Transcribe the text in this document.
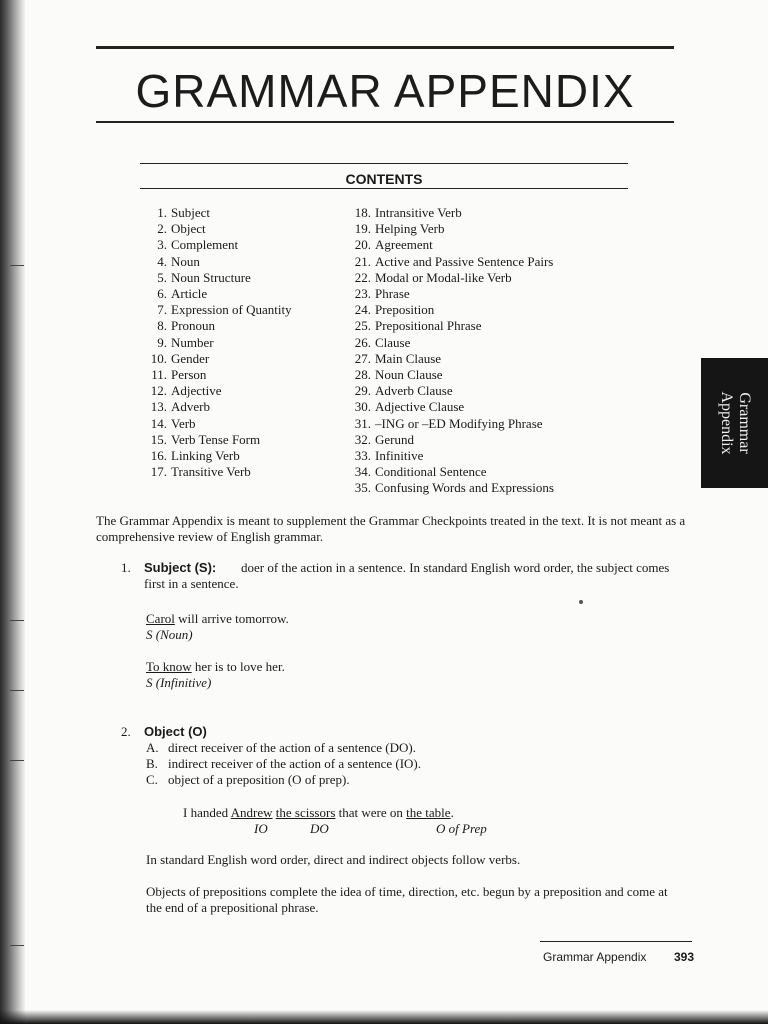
GRAMMAR APPENDIX
CONTENTS
1. Subject
2. Object
3. Complement
4. Noun
5. Noun Structure
6. Article
7. Expression of Quantity
8. Pronoun
9. Number
10. Gender
11. Person
12. Adjective
13. Adverb
14. Verb
15. Verb Tense Form
16. Linking Verb
17. Transitive Verb
18. Intransitive Verb
19. Helping Verb
20. Agreement
21. Active and Passive Sentence Pairs
22. Modal or Modal-like Verb
23. Phrase
24. Preposition
25. Prepositional Phrase
26. Clause
27. Main Clause
28. Noun Clause
29. Adverb Clause
30. Adjective Clause
31. –ING or –ED Modifying Phrase
32. Gerund
33. Infinitive
34. Conditional Sentence
35. Confusing Words and Expressions
Grammar
Appendix

The Grammar Appendix is meant to supplement the Grammar Checkpoints treated in the text. It is not meant as a comprehensive review of English grammar.

1. Subject (S):	doer of the action in a sentence. In standard English word order, the subject comes first in a sentence.

Carol will arrive tomorrow.
S (Noun)
To know her is to love her.
S (Infinitive)
2. Object (O)
A. direct receiver of the action of a sentence (DO).
B. indirect receiver of the action of a sentence (IO).
C. object of a preposition (O of prep).
I handed Andrew the scissors that were on the table.
IO	DO	O of Prep

In standard English word order, direct and indirect objects follow verbs.

Objects of prepositions complete the idea of time, direction, etc. begun by a preposition and come at the end of a prepositional phrase.

Grammar Appendix 393
